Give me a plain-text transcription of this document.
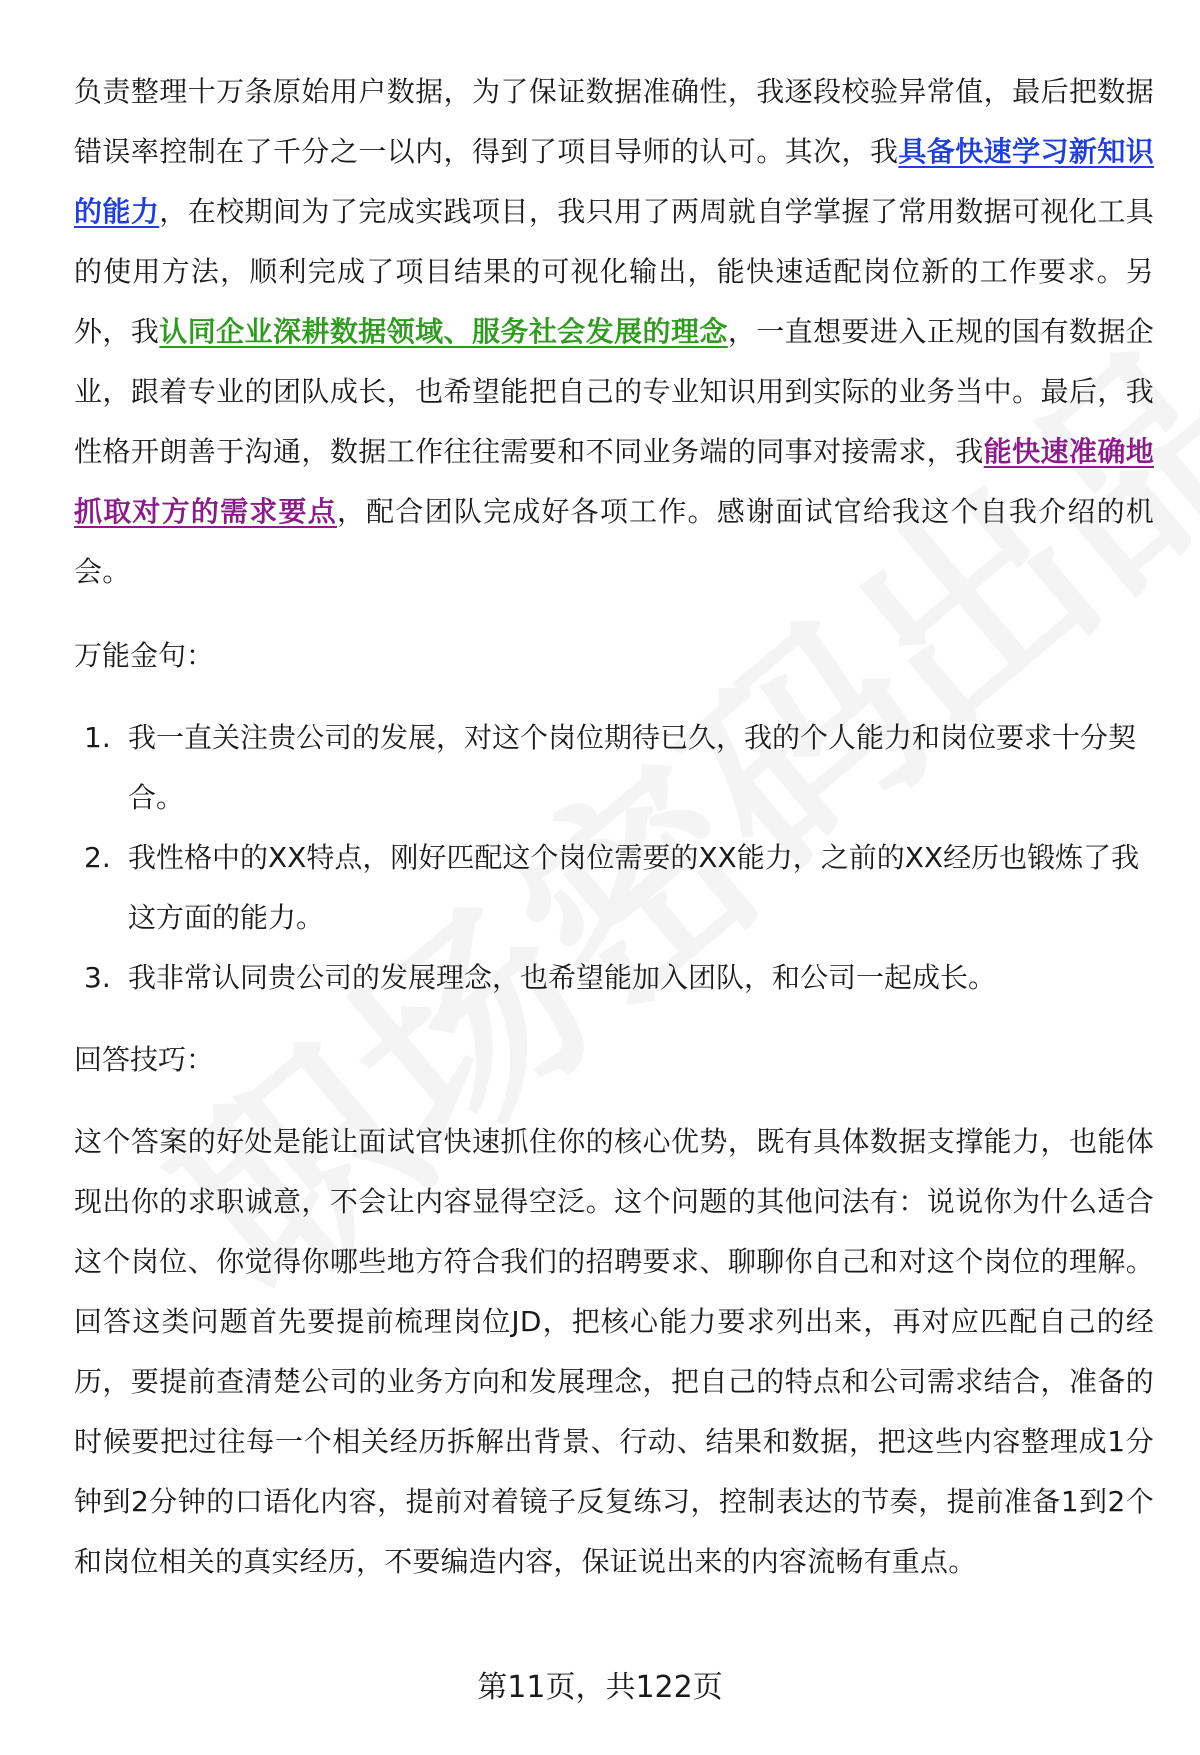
负责整理十万条原始用户数据，为了保证数据准确性，我逐段校验异常值，最后把数据错误率控制在了千分之一以内，得到了项目导师的认可。其次，我具备快速学习新知识的能力，在校期间为了完成实践项目，我只用了两周就自学掌握了常用数据可视化工具的使用方法，顺利完成了项目结果的可视化输出，能快速适配岗位新的工作要求。另外，我认同企业深耕数据领域、服务社会发展的理念，一直想要进入正规的国有数据企业，跟着专业的团队成长，也希望能把自己的专业知识用到实际的业务当中。最后，我性格开朗善于沟通，数据工作往往需要和不同业务端的同事对接需求，我能快速准确地抓取对方的需求要点，配合团队完成好各项工作。感谢面试官给我这个自我介绍的机会。

万能金句：

1. 我一直关注贵公司的发展，对这个岗位期待已久，我的个人能力和岗位要求十分契合。
2. 我性格中的XX特点，刚好匹配这个岗位需要的XX能力，之前的XX经历也锻炼了我这方面的能力。
3. 我非常认同贵公司的发展理念，也希望能加入团队，和公司一起成长。

回答技巧：

这个答案的好处是能让面试官快速抓住你的核心优势，既有具体数据支撑能力，也能体现出你的求职诚意，不会让内容显得空泛。这个问题的其他问法有：说说你为什么适合这个岗位、你觉得你哪些地方符合我们的招聘要求、聊聊你自己和对这个岗位的理解。回答这类问题首先要提前梳理岗位JD，把核心能力要求列出来，再对应匹配自己的经历，要提前查清楚公司的业务方向和发展理念，把自己的特点和公司需求结合，准备的时候要把过往每一个相关经历拆解出背景、行动、结果和数据，把这些内容整理成1分钟到2分钟的口语化内容，提前对着镜子反复练习，控制表达的节奏，提前准备1到2个和岗位相关的真实经历，不要编造内容，保证说出来的内容流畅有重点。

第11页，共122页
